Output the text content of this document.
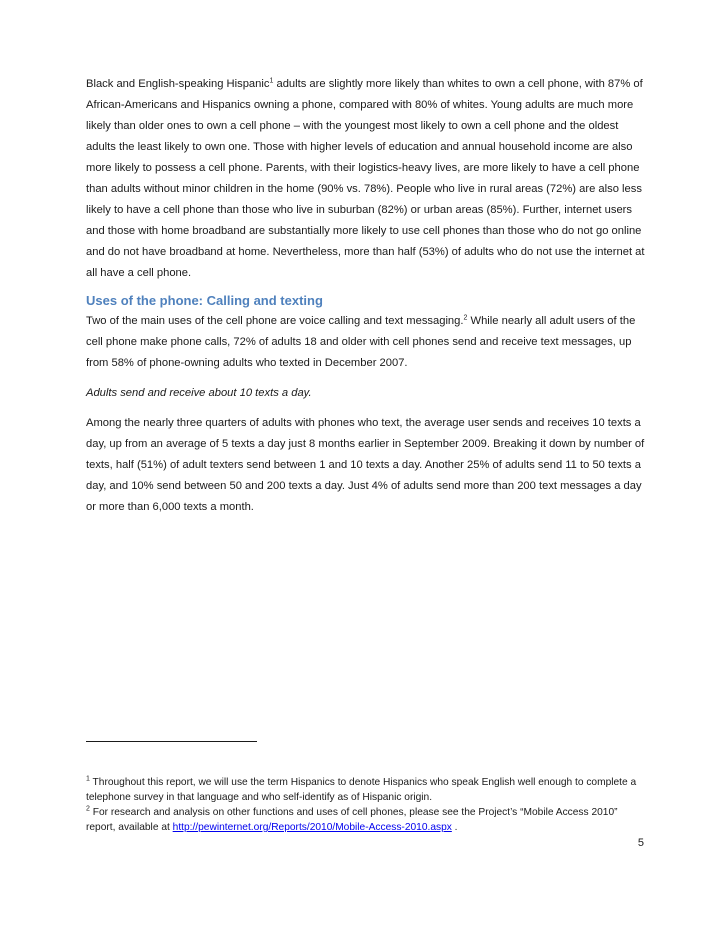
Black and English-speaking Hispanic$^1$ adults are slightly more likely than whites to own a cell phone, with 87% of African-Americans and Hispanics owning a phone, compared with 80% of whites. Young adults are much more likely than older ones to own a cell phone – with the youngest most likely to own a cell phone and the oldest adults the least likely to own one. Those with higher levels of education and annual household income are also more likely to possess a cell phone. Parents, with their logistics-heavy lives, are more likely to have a cell phone than adults without minor children in the home (90% vs. 78%). People who live in rural areas (72%) are also less likely to have a cell phone than those who live in suburban (82%) or urban areas (85%). Further, internet users and those with home broadband are substantially more likely to use cell phones than those who do not go online and do not have broadband at home. Nevertheless, more than half (53%) of adults who do not use the internet at all have a cell phone.

Uses of the phone: Calling and texting

Two of the main uses of the cell phone are voice calling and text messaging.$^2$ While nearly all adult users of the cell phone make phone calls, 72% of adults 18 and older with cell phones send and receive text messages, up from 58% of phone-owning adults who texted in December 2007.

Adults send and receive about 10 texts a day.

Among the nearly three quarters of adults with phones who text, the average user sends and receives 10 texts a day, up from an average of 5 texts a day just 8 months earlier in September 2009. Breaking it down by number of texts, half (51%) of adult texters send between 1 and 10 texts a day. Another 25% of adults send 11 to 50 texts a day, and 10% send between 50 and 200 texts a day. Just 4% of adults send more than 200 text messages a day or more than 6,000 texts a month.

$^1$ Throughout this report, we will use the term Hispanics to denote Hispanics who speak English well enough to complete a telephone survey in that language and who self-identify as of Hispanic origin.

$^2$ For research and analysis on other functions and uses of cell phones, please see the Project’s “Mobile Access 2010” report, available at http://pewinternet.org/Reports/2010/Mobile-Access-2010.aspx .

5
